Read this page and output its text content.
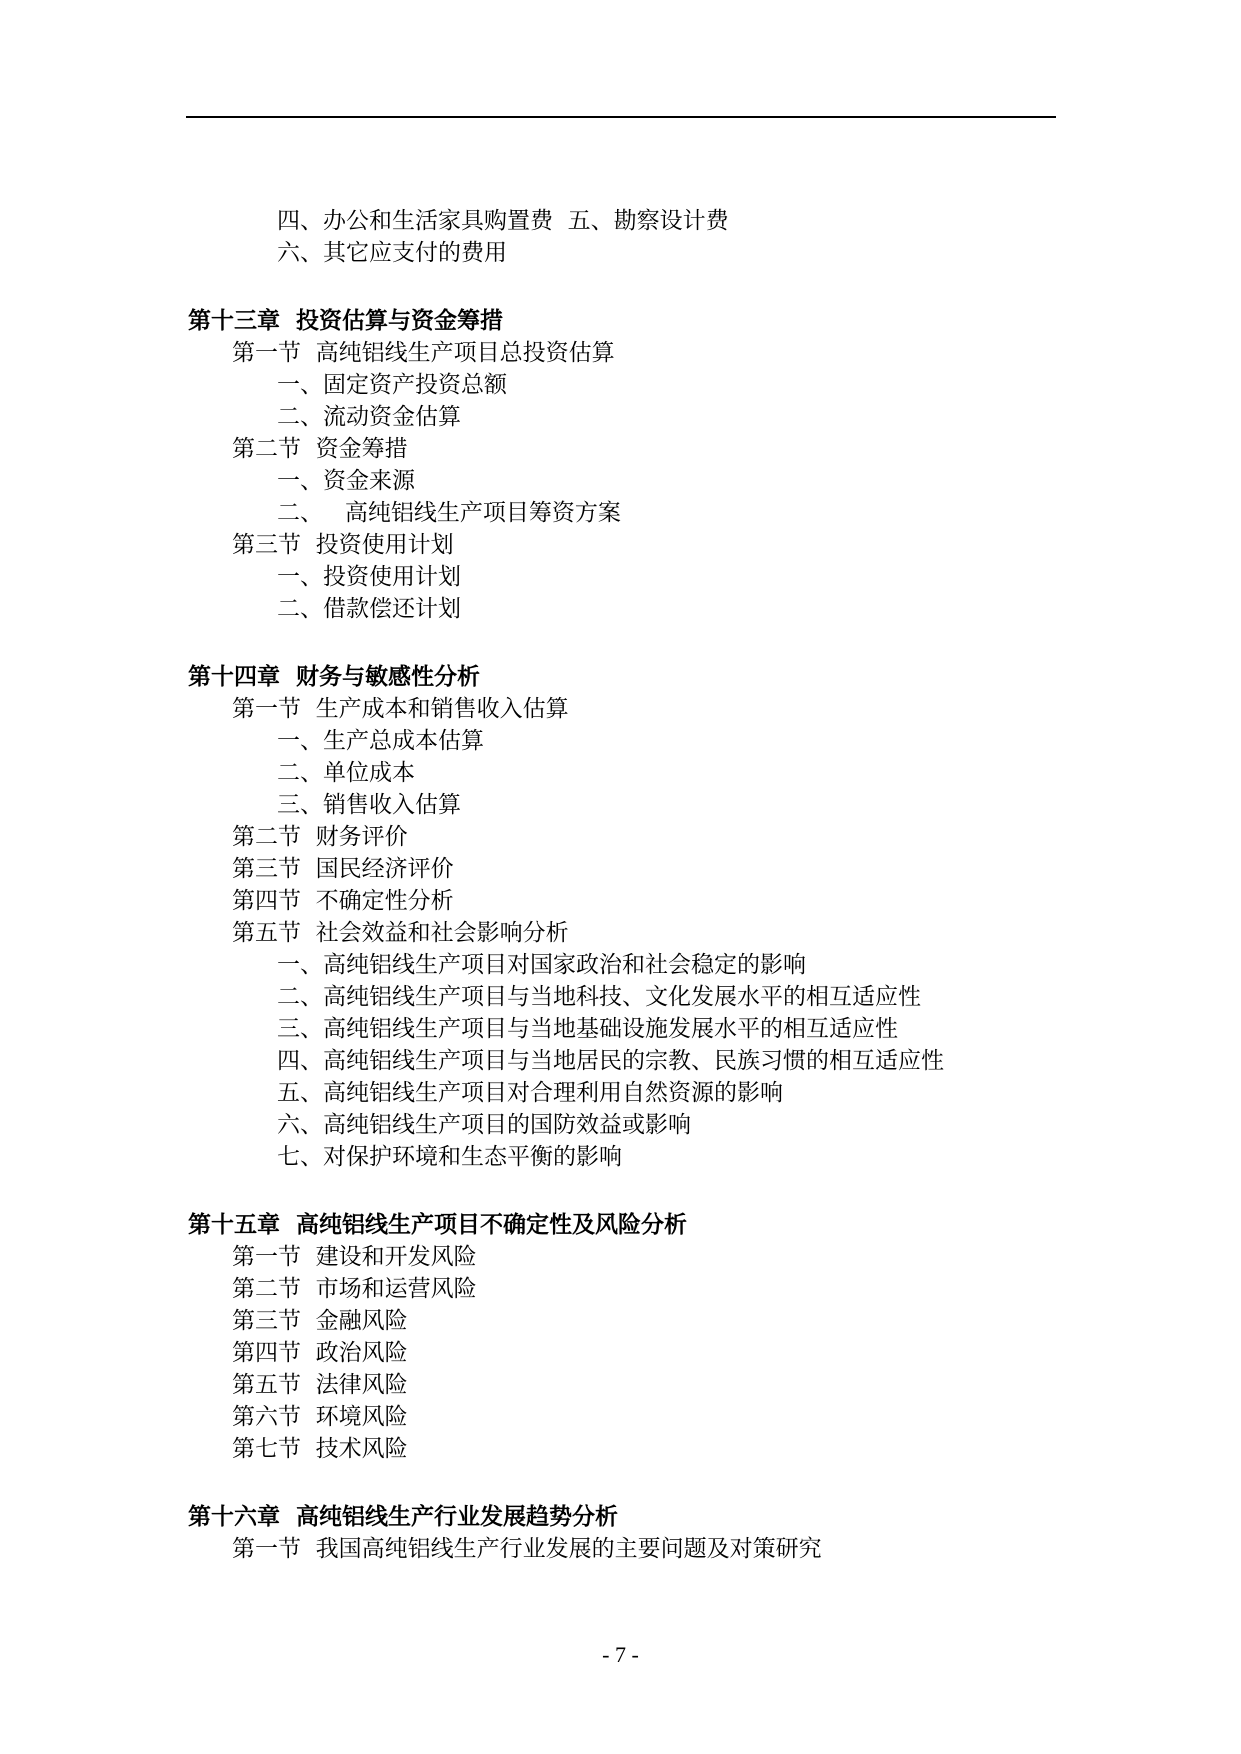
四、办公和生活家具购置费  五、勘察设计费
六、其它应支付的费用
第十三章  投资估算与资金筹措
第一节  高纯铝线生产项目总投资估算
一、固定资产投资总额
二、流动资金估算
第二节  资金筹措
一、资金来源
二、   高纯铝线生产项目筹资方案
第三节  投资使用计划
一、投资使用计划
二、借款偿还计划
第十四章  财务与敏感性分析
第一节  生产成本和销售收入估算
一、生产总成本估算
二、单位成本
三、销售收入估算
第二节  财务评价
第三节  国民经济评价
第四节  不确定性分析
第五节  社会效益和社会影响分析
一、高纯铝线生产项目对国家政治和社会稳定的影响
二、高纯铝线生产项目与当地科技、文化发展水平的相互适应性
三、高纯铝线生产项目与当地基础设施发展水平的相互适应性
四、高纯铝线生产项目与当地居民的宗教、民族习惯的相互适应性
五、高纯铝线生产项目对合理利用自然资源的影响
六、高纯铝线生产项目的国防效益或影响
七、对保护环境和生态平衡的影响
第十五章  高纯铝线生产项目不确定性及风险分析
第一节  建设和开发风险
第二节  市场和运营风险
第三节  金融风险
第四节  政治风险
第五节  法律风险
第六节  环境风险
第七节  技术风险
第十六章  高纯铝线生产行业发展趋势分析
第一节  我国高纯铝线生产行业发展的主要问题及对策研究
- 7 -
